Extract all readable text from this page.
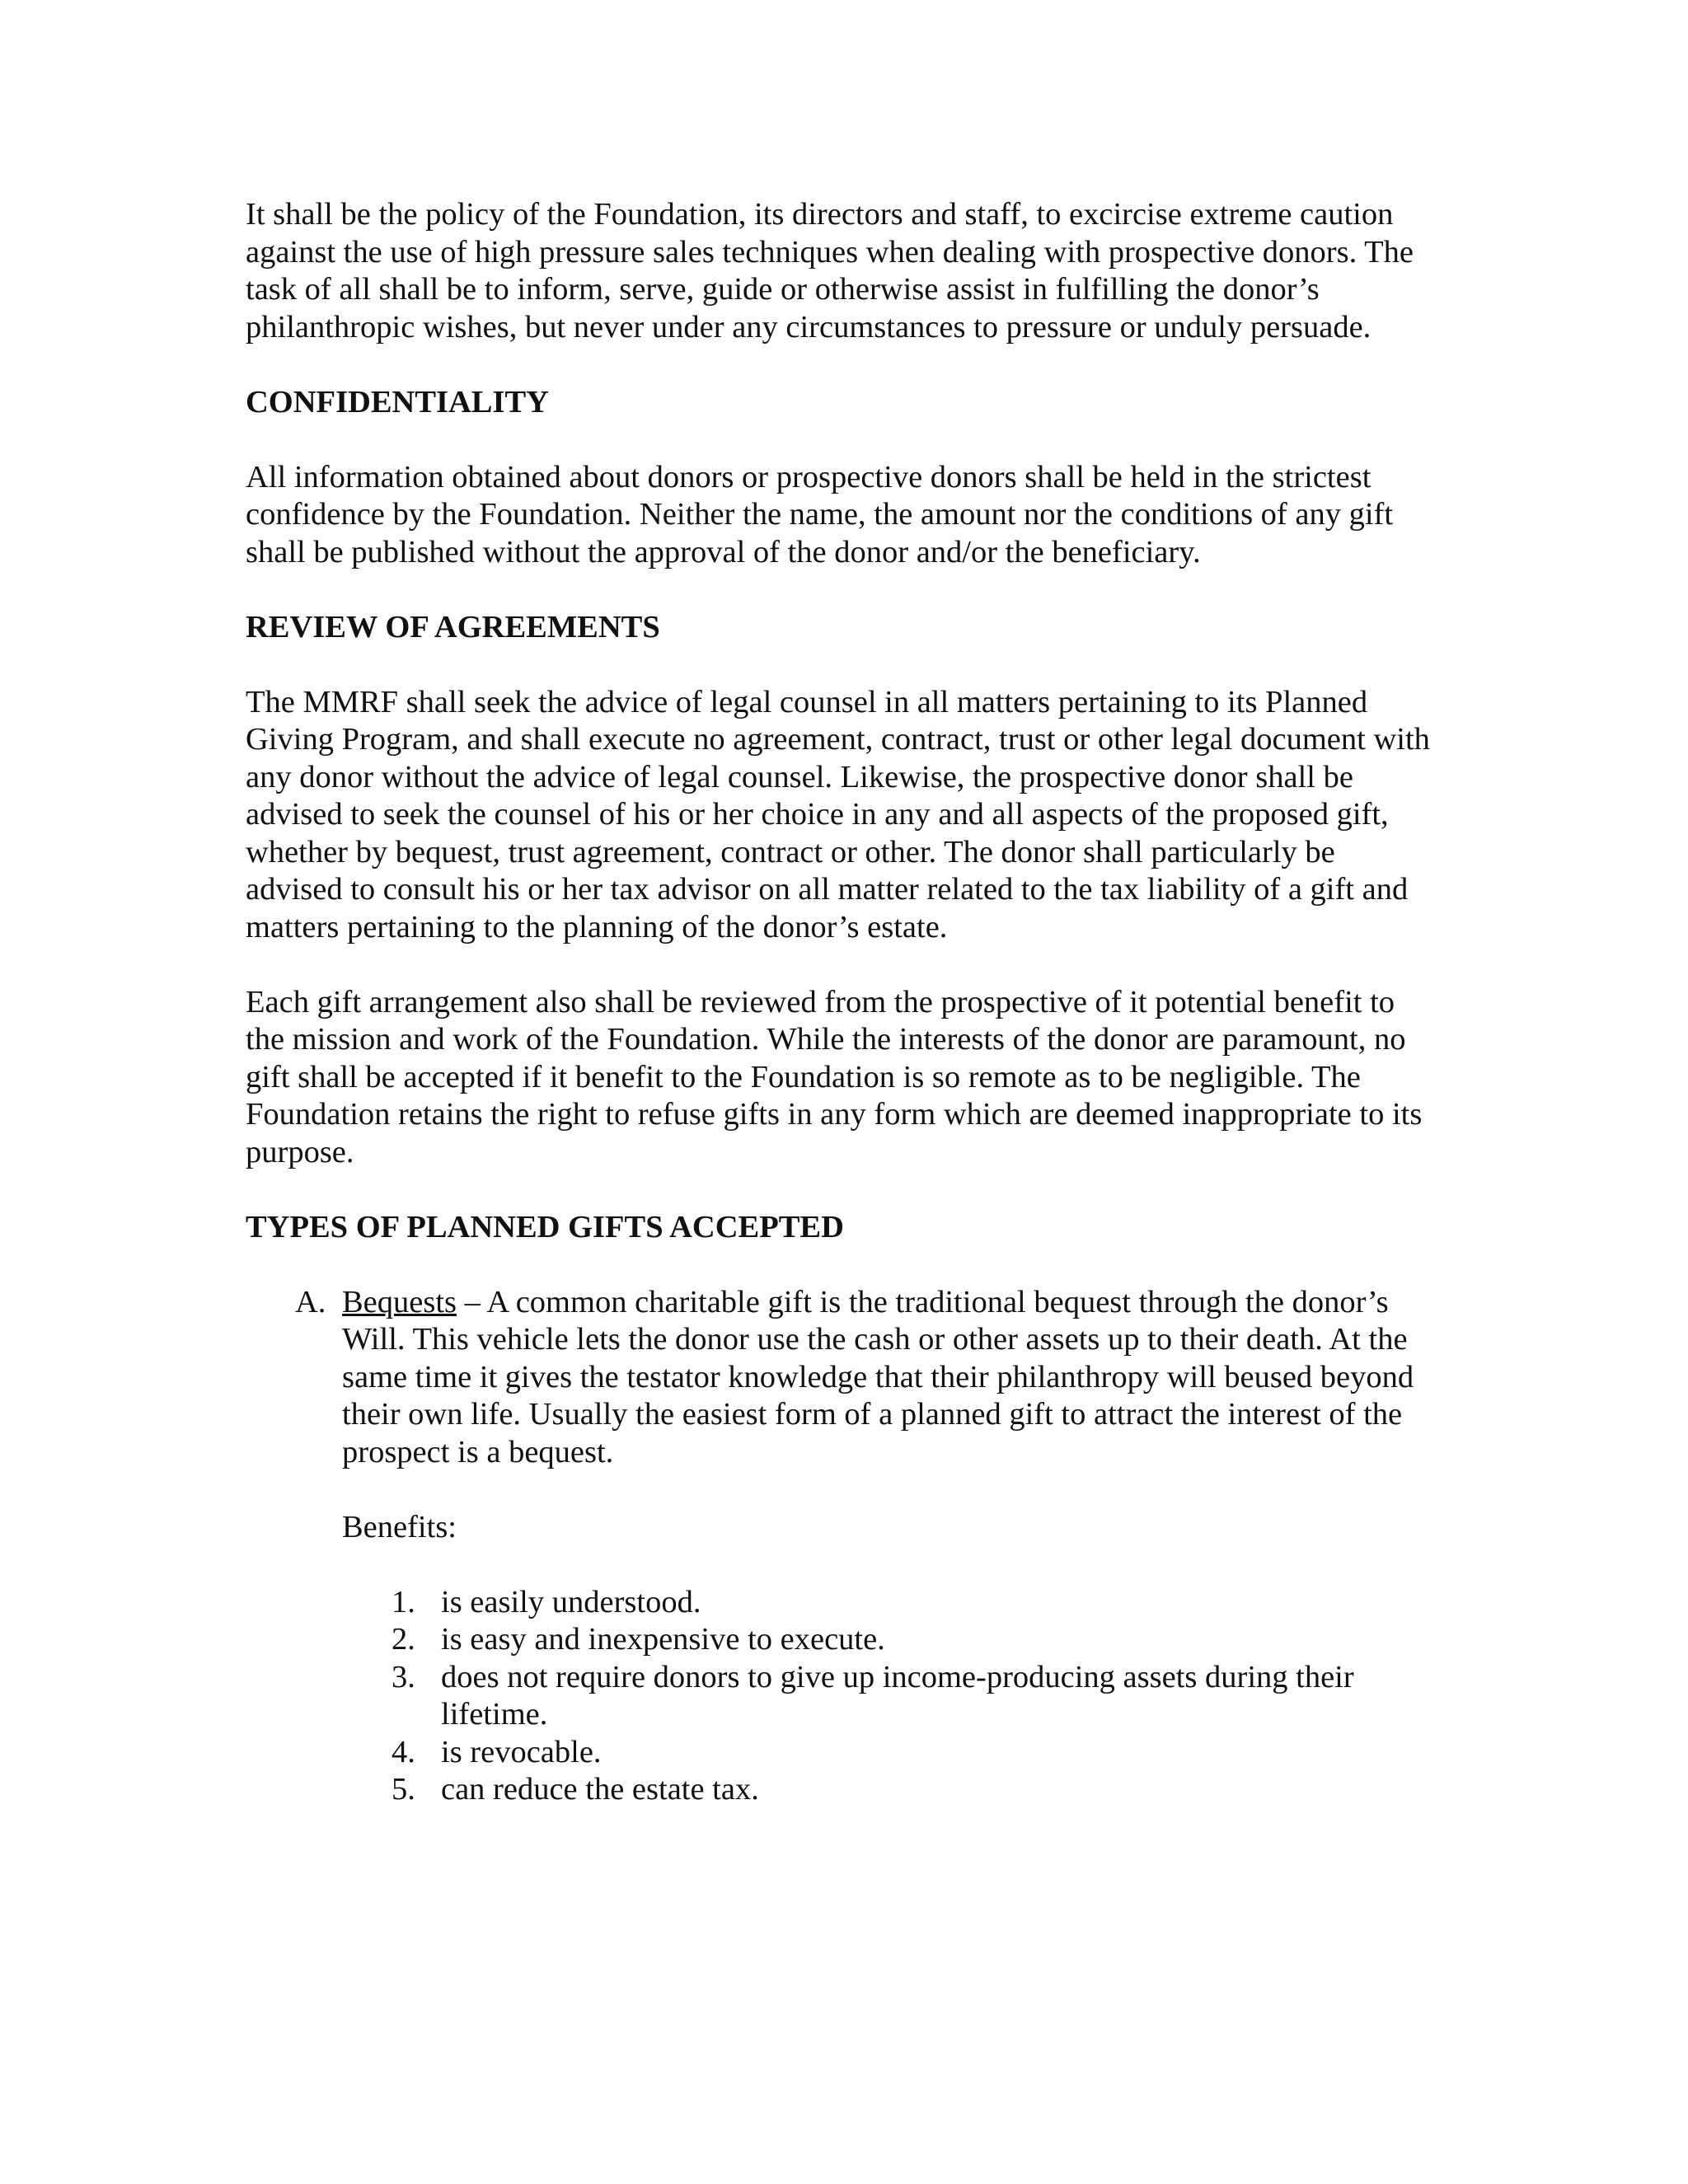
It shall be the policy of the Foundation, its directors and staff, to excircise extreme caution against the use of high pressure sales techniques when dealing with prospective donors. The task of all shall be to inform, serve, guide or otherwise assist in fulfilling the donor’s philanthropic wishes, but never under any circumstances to pressure or unduly persuade.

CONFIDENTIALITY

All information obtained about donors or prospective donors shall be held in the strictest confidence by the Foundation. Neither the name, the amount nor the conditions of any gift shall be published without the approval of the donor and/or the beneficiary.

REVIEW OF AGREEMENTS

The MMRF shall seek the advice of legal counsel in all matters pertaining to its Planned Giving Program, and shall execute no agreement, contract, trust or other legal document with any donor without the advice of legal counsel. Likewise, the prospective donor shall be advised to seek the counsel of his or her choice in any and all aspects of the proposed gift, whether by bequest, trust agreement, contract or other. The donor shall particularly be advised to consult his or her tax advisor on all matter related to the tax liability of a gift and matters pertaining to the planning of the donor’s estate.

Each gift arrangement also shall be reviewed from the prospective of it potential benefit to the mission and work of the Foundation. While the interests of the donor are paramount, no gift shall be accepted if it benefit to the Foundation is so remote as to be negligible. The Foundation retains the right to refuse gifts in any form which are deemed inappropriate to its purpose.

TYPES OF PLANNED GIFTS ACCEPTED
A. Bequests – A common charitable gift is the traditional bequest through the donor’s Will. This vehicle lets the donor use the cash or other assets up to their death. At the same time it gives the testator knowledge that their philanthropy will beused beyond their own life. Usually the easiest form of a planned gift to attract the interest of the prospect is a bequest.
Benefits:
1. is easily understood.
2. is easy and inexpensive to execute.
3. does not require donors to give up income-producing assets during their lifetime.
4. is revocable.
5. can reduce the estate tax.
